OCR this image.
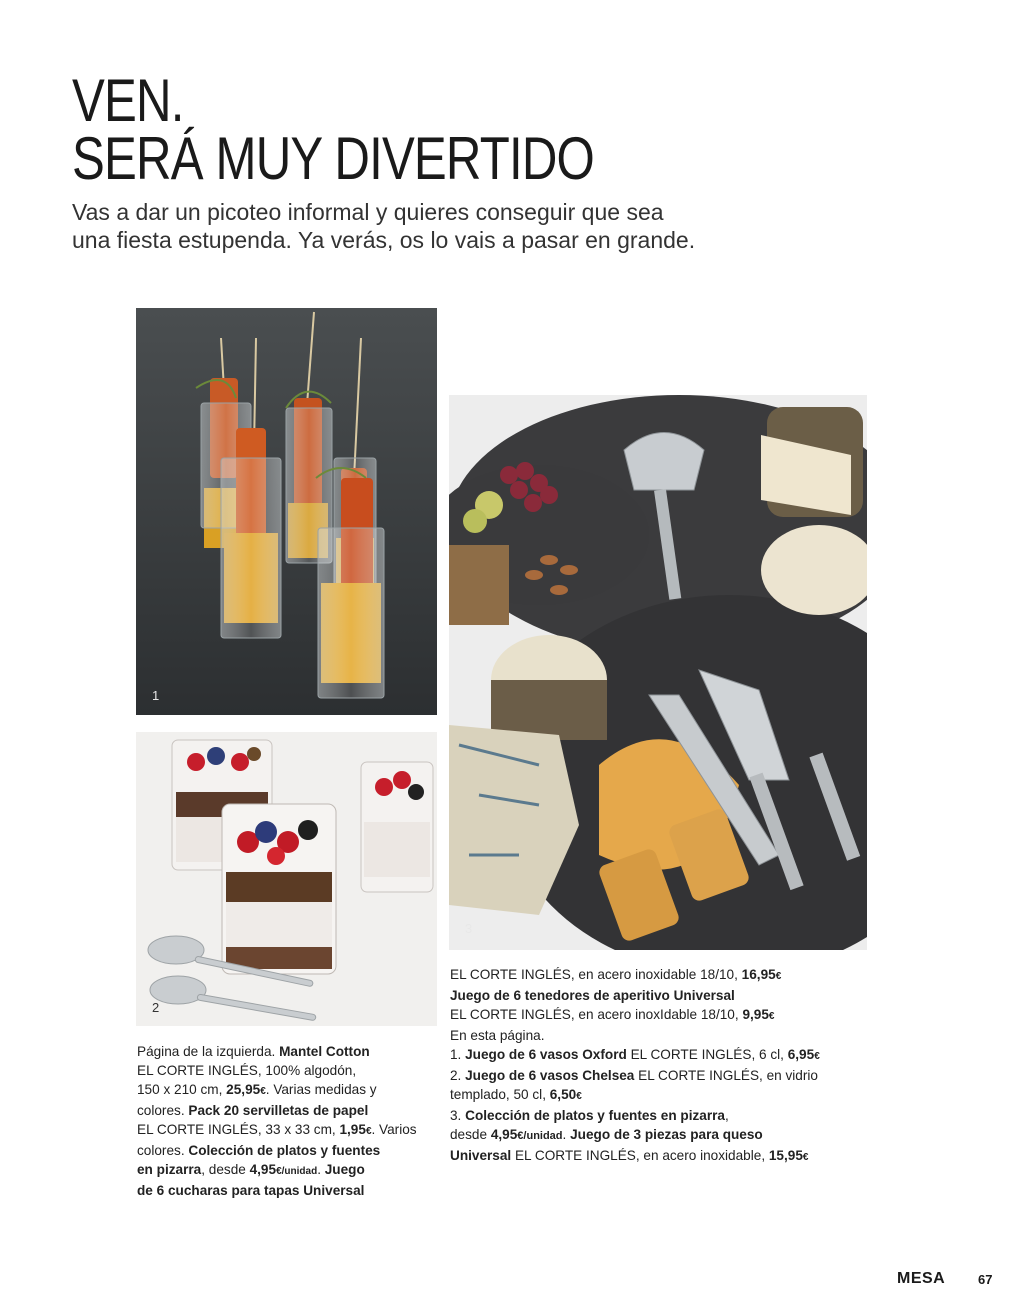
VEN.
SERÁ MUY DIVERTIDO
Vas a dar un picoteo informal y quieres conseguir que sea
una fiesta estupenda. Ya verás, os lo vais a pasar en grande.
1
2
3
Página de la izquierda. Mantel Cotton
EL CORTE INGLÉS, 100% algodón,
150 x 210 cm, 25,95€. Varias medidas y
colores. Pack 20 servilletas de papel
EL CORTE INGLÉS, 33 x 33 cm, 1,95€. Varios
colores. Colección de platos y fuentes
en pizarra, desde 4,95€/unidad. Juego
de 6 cucharas para tapas Universal
EL CORTE INGLÉS, en acero inoxidable 18/10, 16,95€
Juego de 6 tenedores de aperitivo Universal
EL CORTE INGLÉS, en acero inoxIdable 18/10, 9,95€
En esta página.
1. Juego de 6 vasos Oxford EL CORTE INGLÉS, 6 cl, 6,95€
2. Juego de 6 vasos Chelsea EL CORTE INGLÉS, en vidrio
templado, 50 cl, 6,50€
3. Colección de platos y fuentes en pizarra,
desde 4,95€/unidad. Juego de 3 piezas para queso
Universal EL CORTE INGLÉS, en acero inoxidable, 15,95€
MESA	67
